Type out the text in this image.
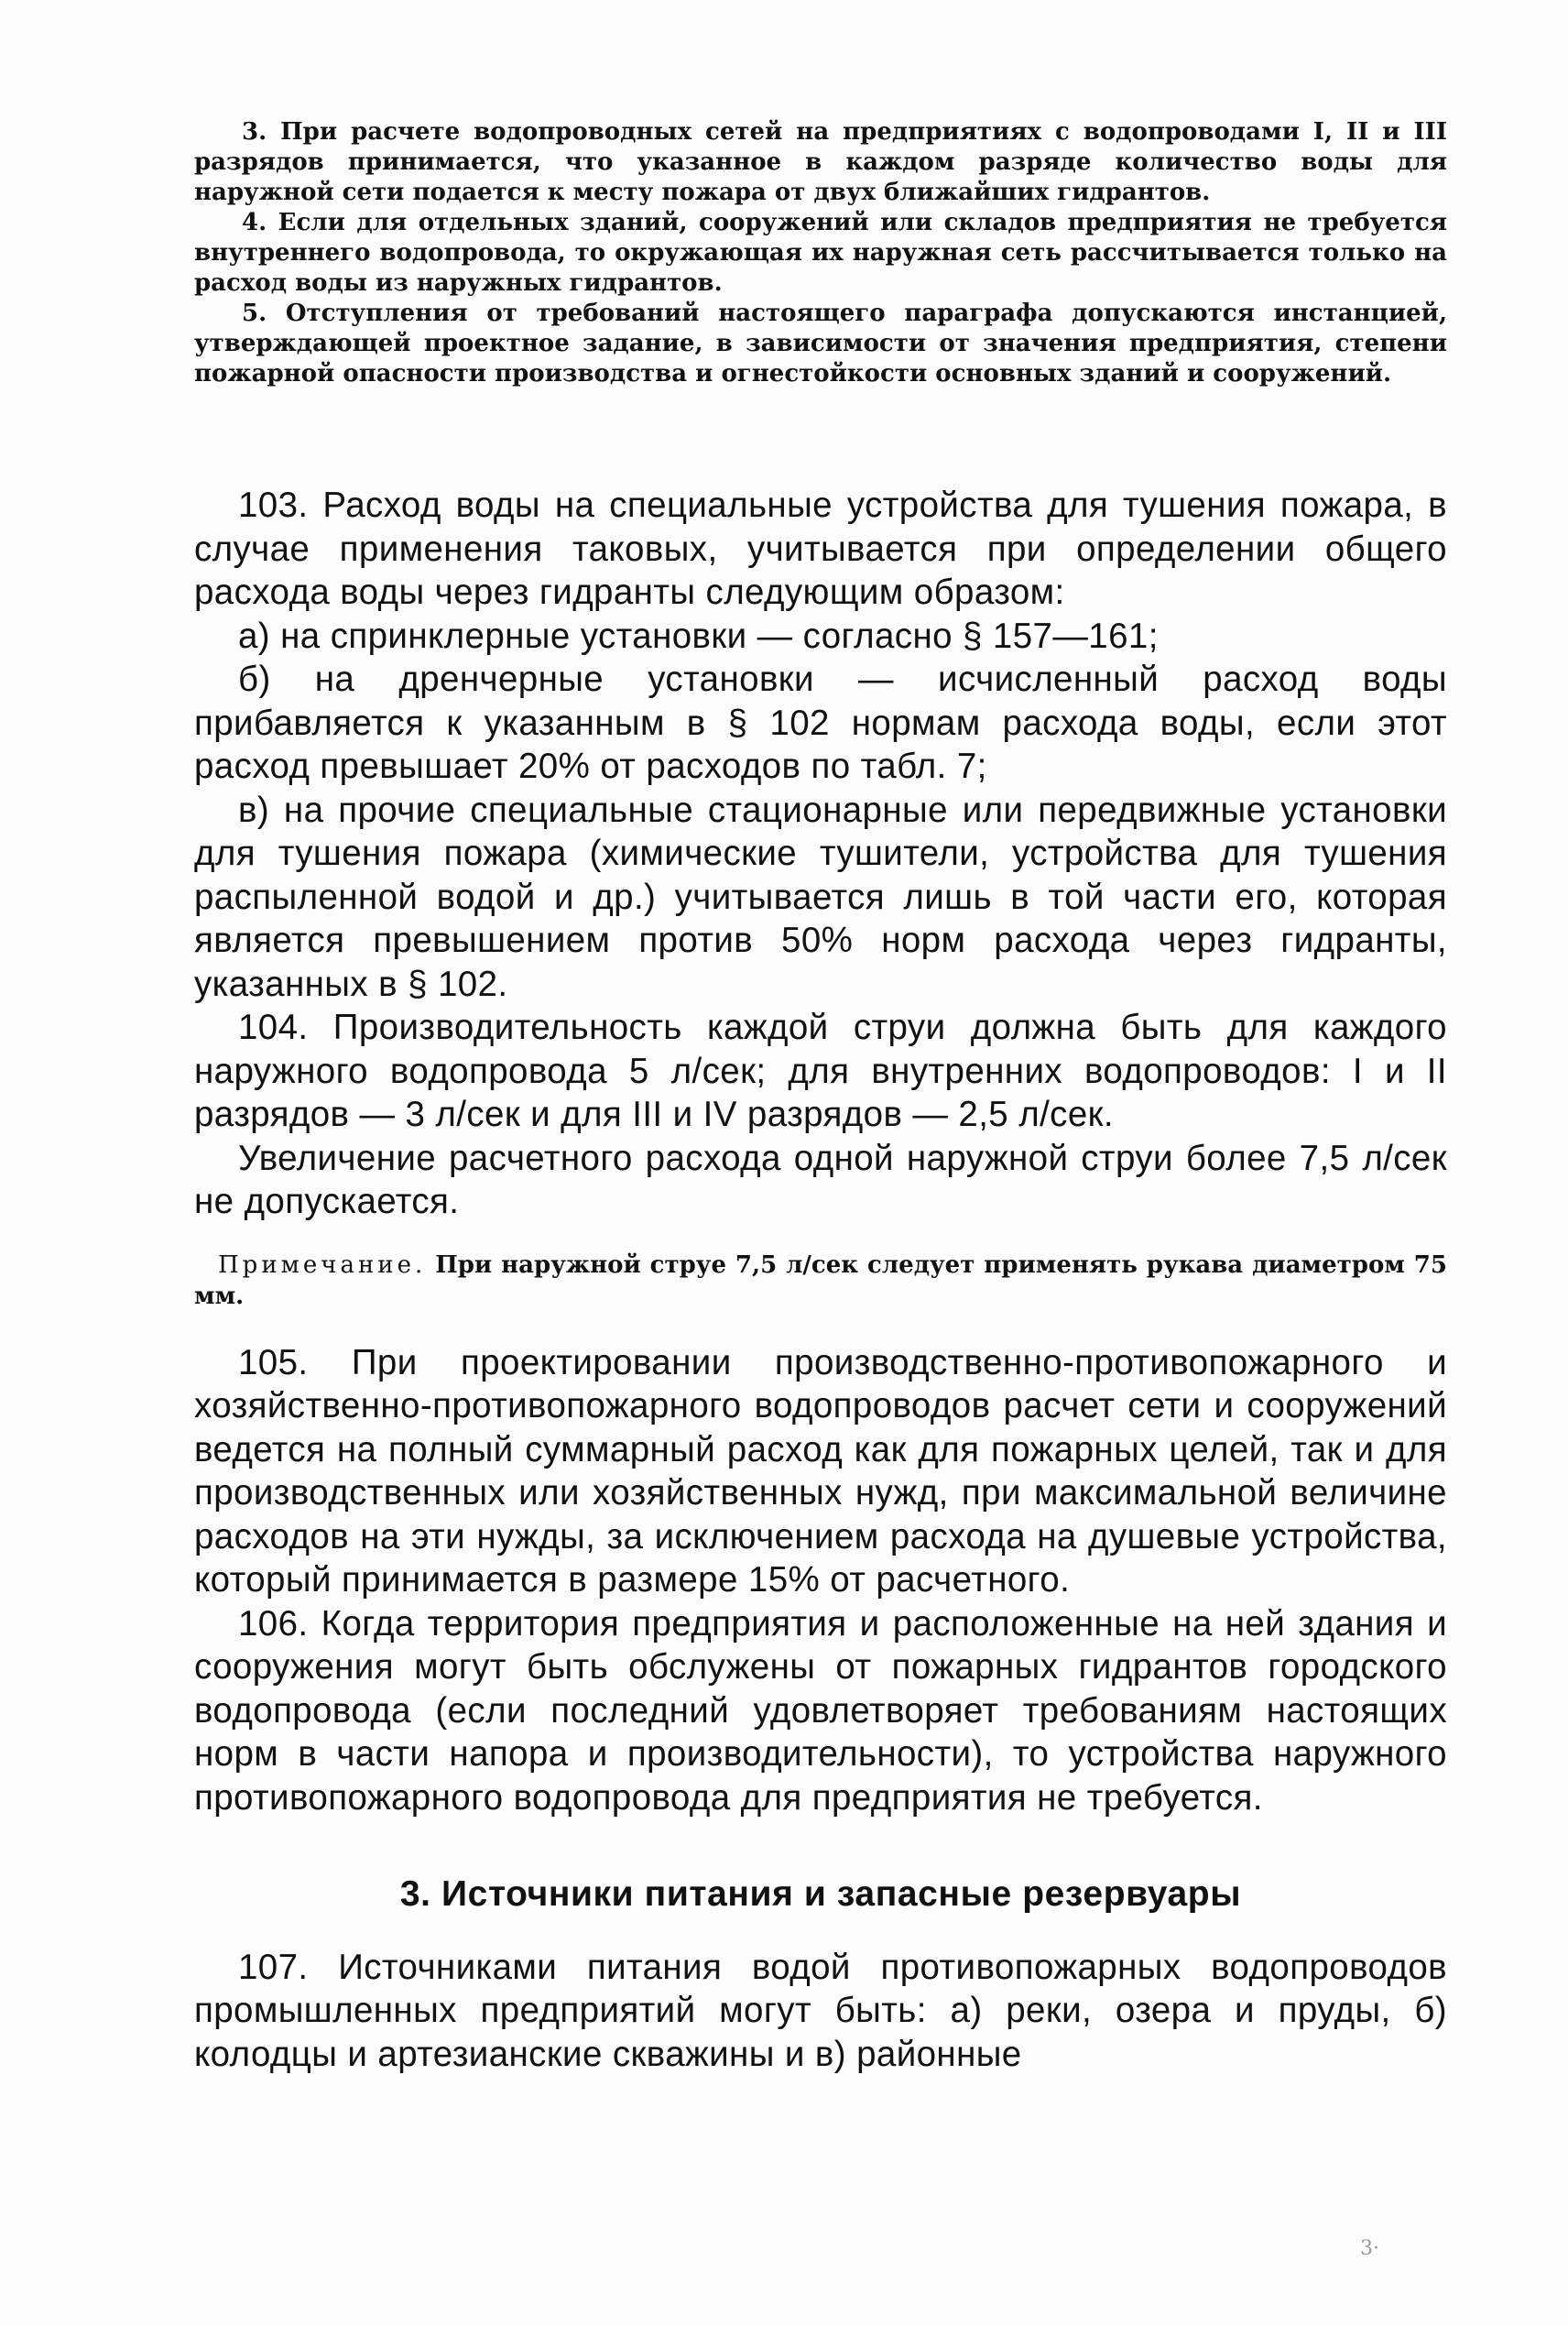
3. При расчете водопроводных сетей на предприятиях с водопроводами I, II и III разрядов принимается, что указанное в каждом разряде количество воды для наружной сети подается к месту пожара от двух ближайших гидрантов.

4. Если для отдельных зданий, сооружений или складов предприятия не требуется внутреннего водопровода, то окружающая их наружная сеть рассчитывается только на расход воды из наружных гидрантов.

5. Отступления от требований настоящего параграфа допускаются инстанцией, утверждающей проектное задание, в зависимости от значения предприятия, степени пожарной опасности производства и огнестойкости основных зданий и сооружений.

103. Расход воды на специальные устройства для тушения пожара, в случае применения таковых, учитывается при определении общего расхода воды через гидранты следующим образом:

а) на спринклерные установки — согласно § 157—161;

б) на дренчерные установки — исчисленный расход воды прибавляется к указанным в § 102 нормам расхода воды, если этот расход превышает 20% от расходов по табл. 7;

в) на прочие специальные стационарные или передвижные установки для тушения пожара (химические тушители, устройства для тушения распыленной водой и др.) учитывается лишь в той части его, которая является превышением против 50% норм расхода через гидранты, указанных в § 102.

104. Производительность каждой струи должна быть для каждого наружного водопровода 5 л/сек; для внутренних водопроводов: I и II разрядов — 3 л/сек и для III и IV разрядов — 2,5 л/сек.

Увеличение расчетного расхода одной наружной струи более 7,5 л/сек не допускается.

Примечание. При наружной струе 7,5 л/сек следует применять рукава диаметром 75 мм.

105. При проектировании производственно-противопожарного и хозяйственно-противопожарного водопроводов расчет сети и сооружений ведется на полный суммарный расход как для пожарных целей, так и для производственных или хозяйственных нужд, при максимальной величине расходов на эти нужды, за исключением расхода на душевые устройства, который принимается в размере 15% от расчетного.

106. Когда территория предприятия и расположенные на ней здания и сооружения могут быть обслужены от пожарных гидрантов городского водопровода (если последний удовлетворяет требованиям настоящих норм в части напора и производительности), то устройства наружного противопожарного водопровода для предприятия не требуется.

3. Источники питания и запасные резервуары

107. Источниками питания водой противопожарных водопроводов промышленных предприятий могут быть: а) реки, озера и пруды, б) колодцы и артезианские скважины и в) районные

3·
